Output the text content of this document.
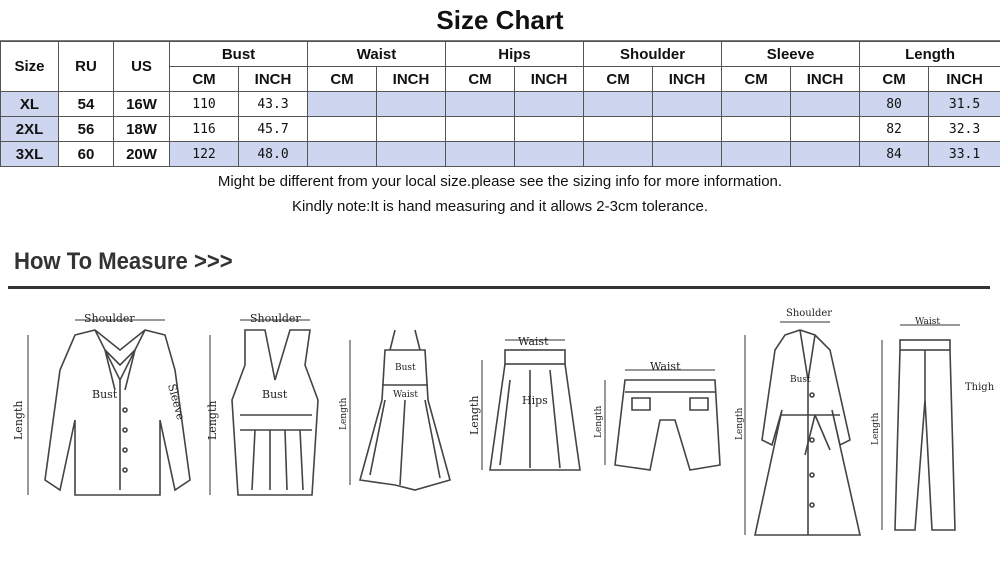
Size Chart
Size	RU	US	Bust		Waist		Hips		Shoulder		Sleeve		Length	
			CM	INCH	CM	INCH	CM	INCH	CM	INCH	CM	INCH	CM	INCH
XL	54	16W	110	43.3									80	31.5
2XL	56	18W	116	45.7									82	32.3
3XL	60	20W	122	48.0									84	33.1
Might be different from your local size.please see the sizing info for more information.
Kindly note:It is hand measuring and it allows 2-3cm tolerance.
How To Measure >>>
Shoulder
Bust
Length	Sleeve
Shoulder
Bust
Length
Bust
Waist
Length
Waist
Hips
Length
Waist
Length
Shoulder
Bust
Length
Waist
Thigh
Length
